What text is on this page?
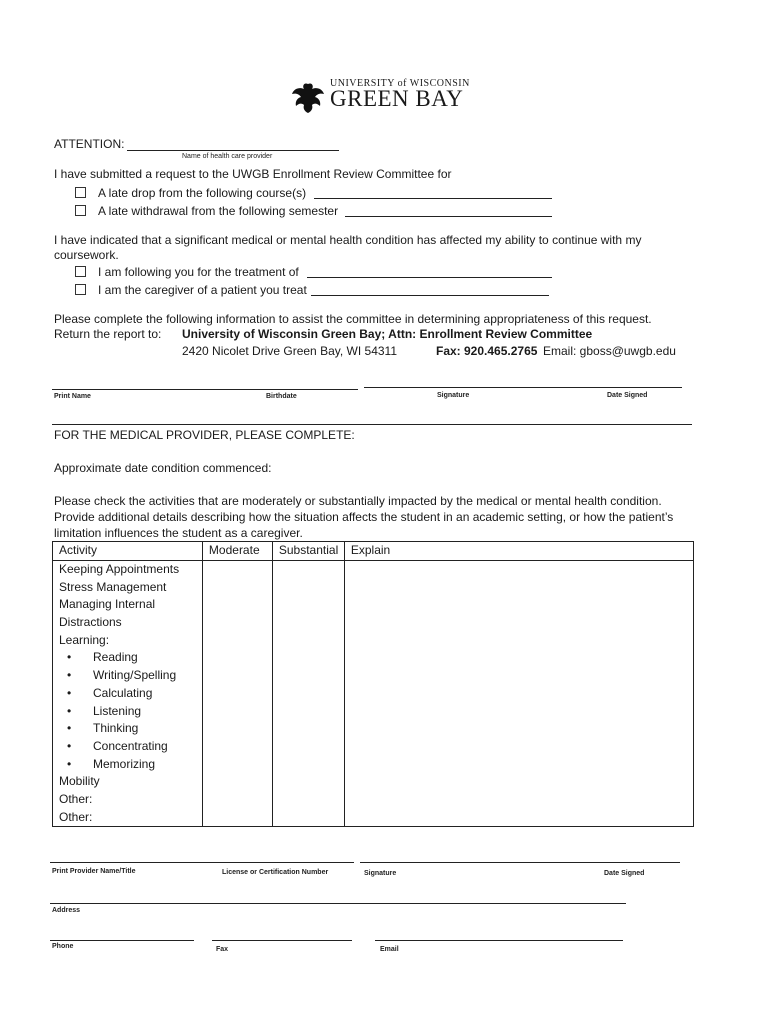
UNIVERSITY of WISCONSIN
GREEN BAY
ATTENTION:
Name of health care provider
I have submitted a request to the UWGB Enrollment Review Committee for
A late drop from the following course(s)
A late withdrawal from the following semester
I have indicated that a significant medical or mental health condition has affected my ability to continue with my
coursework.
I am following you for the treatment of
I am the caregiver of a patient you treat
Please complete the following information to assist the committee in determining appropriateness of this request.
Return the report to: University of Wisconsin Green Bay; Attn: Enrollment Review Committee
2420 Nicolet Drive Green Bay, WI 54311	Fax: 920.465.2765 Email: gboss@uwgb.edu
Print Name	Birthdate	Signature	Date Signed
FOR THE MEDICAL PROVIDER, PLEASE COMPLETE:
Approximate date condition commenced:
Please check the activities that are moderately or substantially impacted by the medical or mental health condition.
Provide additional details describing how the situation affects the student in an academic setting, or how the patient’s
limitation influences the student as a caregiver.
Activity	Moderate	Substantial	Explain
Keeping Appointments			
Stress Management			
Managing Internal			
Distractions			
Learning:			
• Reading			
• Writing/Spelling			
• Calculating			
• Listening			
• Thinking			
• Concentrating			
• Memorizing			
Mobility			
Other:			
Other:			
Print Provider Name/Title	License or Certification Number	Signature	Date Signed
Address
Phone	Fax	Email
